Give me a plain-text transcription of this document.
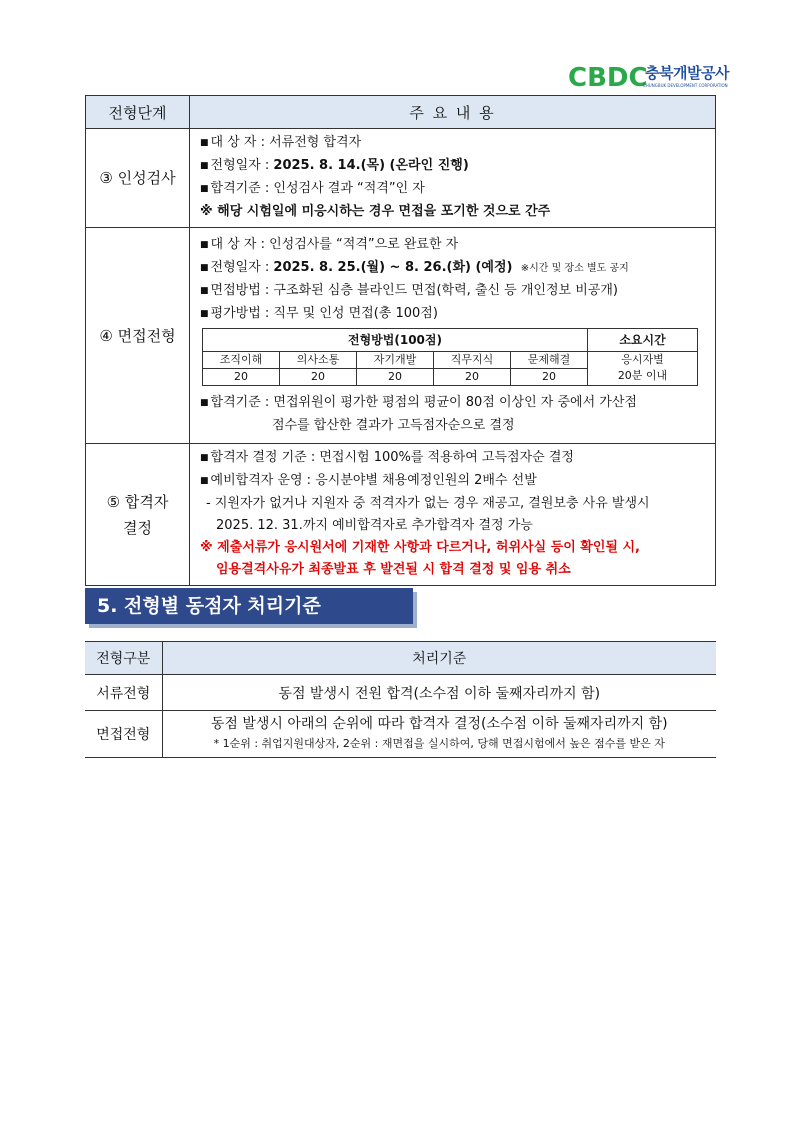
CBDC
충북개발공사
CHUNGBUK DEVELOPMENT CORPORATION
전형단계	주 요 내 용
③ 인성검사	
■ 대 상 자 : 서류전형 합격자
■ 전형일자 : 2025. 8. 14.(목) (온라인 진행)
■ 합격기준 : 인성검사 결과 “적격”인 자
※ 해당 시험일에 미응시하는 경우 면접을 포기한 것으로 간주

④ 면접전형	
■ 대 상 자 : 인성검사를 “적격”으로 완료한 자
■ 전형일자 : 2025. 8. 25.(월) ~ 8. 26.(화) (예정) ※시간 및 장소 별도 공지
■ 면접방법 : 구조화된 심층 블라인드 면접(학력, 출신 등 개인정보 비공개)
■ 평가방법 : 직무 및 인성 면접(총 100점)
전형방법(100점)	소요시간
조직이해	의사소통	자기개발	직무지식	문제해결	응시자별
20분 이내

20	20	20	20	20
■ 합격기준 : 면접위원이 평가한 평점의 평균이 80점 이상인 자 중에서 가산점
점수를 합산한 결과가 고득점자순으로 결정

⑤ 합격자
결정

■ 합격자 결정 기준 : 면접시험 100%를 적용하여 고득점자순 결정
■ 예비합격자 운영 : 응시분야별 채용예정인원의 2배수 선발
- 지원자가 없거나 지원자 중 적격자가 없는 경우 재공고, 결원보충 사유 발생시
2025. 12. 31.까지 예비합격자로 추가합격자 결정 가능
※ 제출서류가 응시원서에 기재한 사항과 다르거나, 허위사실 등이 확인될 시,
임용결격사유가 최종발표 후 발견될 시 합격 결정 및 임용 취소
5. 전형별 동점자 처리기준
전형구분	처리기준
서류전형	동점 발생시 전원 합격(소수점 이하 둘째자리까지 함)
면접전형	동점 발생시 아래의 순위에 따라 합격자 결정(소수점 이하 둘째자리까지 함)
* 1순위 : 취업지원대상자, 2순위 : 재면접을 실시하여, 당해 면접시험에서 높은 점수를 받은 자
